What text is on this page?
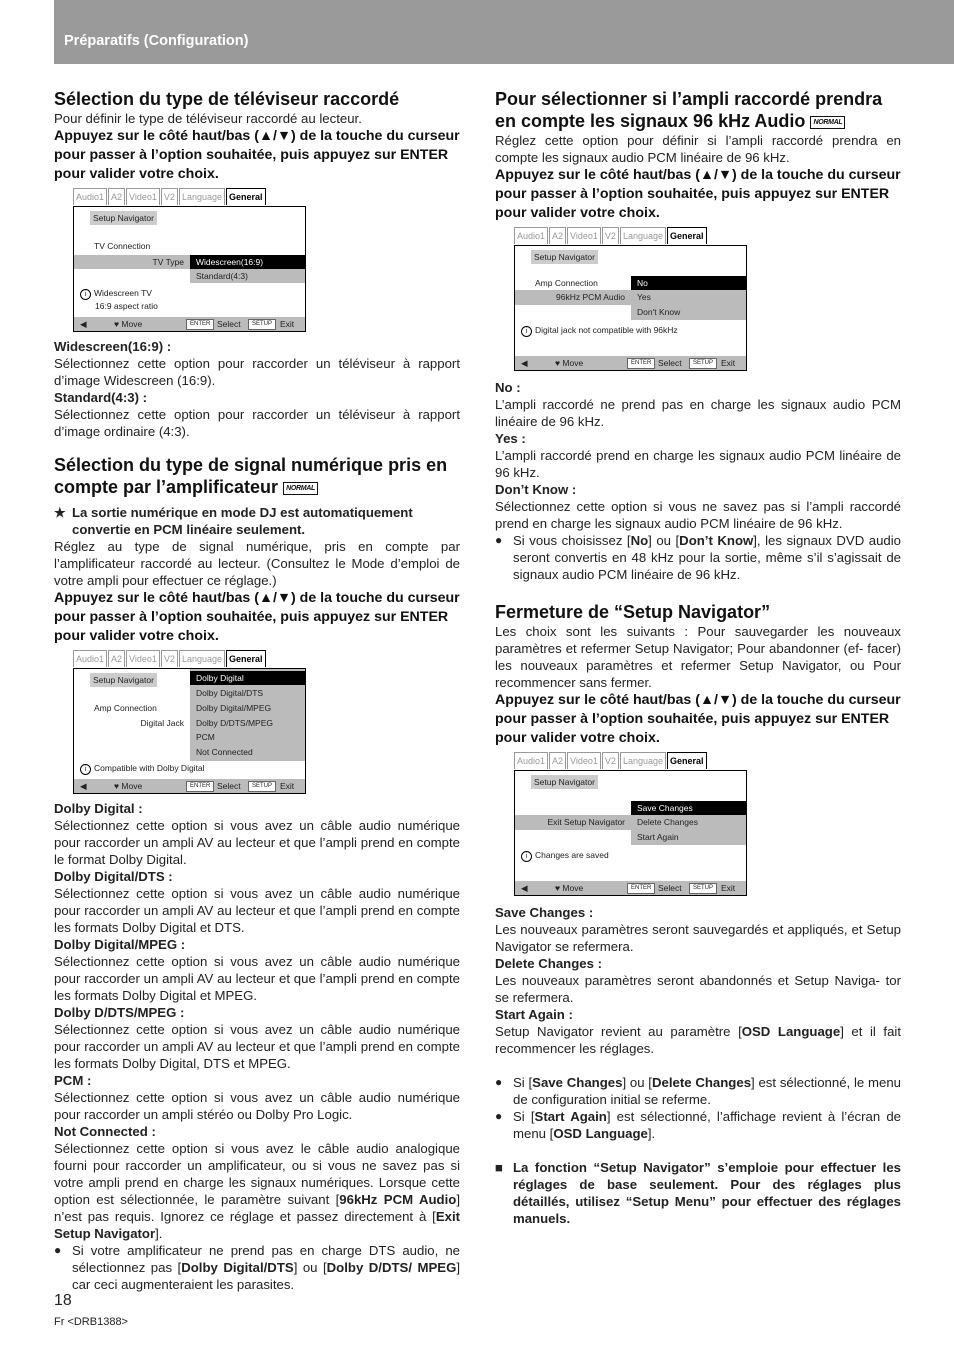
Préparatifs (Configuration)
Sélection du type de téléviseur raccordé

Pour définir le type de téléviseur raccordé au lecteur.

Appuyez sur le côté haut/bas (▲/▼) de la touche du curseur pour passer à l’option souhaitée, puis appuyez sur ENTER pour valider votre choix.

Audio1 A2 Video1 V2 Language General
Setup Navigator
TV Connection
TV Type	Widescreen(16:9)
Standard(4:3)
i Widescreen TV
16:9 aspect ratio
◀	♥ Move	ENTER Select	SETUP Exit

Widescreen(16:9) :

Sélectionnez cette option pour raccorder un téléviseur à rapport d’image Widescreen (16:9).

Standard(4:3) :

Sélectionnez cette option pour raccorder un téléviseur à rapport d’image ordinaire (4:3).

Sélection du type de signal numérique pris en compte par l’amplificateur NORMAL

★ La sortie numérique en mode DJ est automatiquement convertie en PCM linéaire seulement.

Réglez au type de signal numérique, pris en compte par l’amplificateur raccordé au lecteur. (Consultez le Mode d’emploi de votre ampli pour effectuer ce réglage.)

Appuyez sur le côté haut/bas (▲/▼) de la touche du curseur pour passer à l’option souhaitée, puis appuyez sur ENTER pour valider votre choix.

Audio1 A2 Video1 V2 Language General
Setup Navigator
Amp Connection
Digital Jack
Dolby Digital
Dolby Digital/DTS
Dolby Digital/MPEG
Dolby D/DTS/MPEG
PCM
Not Connected
i Compatible with Dolby Digital
◀	♥ Move	ENTER Select	SETUP Exit

Dolby Digital :

Sélectionnez cette option si vous avez un câble audio numérique pour raccorder un ampli AV au lecteur et que l’ampli prend en compte le format Dolby Digital.

Dolby Digital/DTS :

Sélectionnez cette option si vous avez un câble audio numérique pour raccorder un ampli AV au lecteur et que l’ampli prend en compte les formats Dolby Digital et DTS.

Dolby Digital/MPEG :

Sélectionnez cette option si vous avez un câble audio numérique pour raccorder un ampli AV au lecteur et que l’ampli prend en compte les formats Dolby Digital et MPEG.

Dolby D/DTS/MPEG :

Sélectionnez cette option si vous avez un câble audio numérique pour raccorder un ampli AV au lecteur et que l’ampli prend en compte les formats Dolby Digital, DTS et MPEG.

PCM :

Sélectionnez cette option si vous avez un câble audio numérique pour raccorder un ampli stéréo ou Dolby Pro Logic.

Not Connected :

Sélectionnez cette option si vous avez le câble audio analogique fourni pour raccorder un amplificateur, ou si vous ne savez pas si votre ampli prend en charge les signaux numériques. Lorsque cette option est sélectionnée, le paramètre suivant [96kHz PCM Audio] n’est pas requis. Ignorez ce réglage et passez directement à [Exit Setup Navigator].

● Si votre amplificateur ne prend pas en charge DTS audio, ne sélectionnez pas [Dolby Digital/DTS] ou [Dolby D/DTS/ MPEG] car ceci augmenteraient les parasites.

Pour sélectionner si l’ampli raccordé prendra en compte les signaux 96 kHz Audio NORMAL

Réglez cette option pour définir si l’ampli raccordé prendra en compte les signaux audio PCM linéaire de 96 kHz.

Appuyez sur le côté haut/bas (▲/▼) de la touche du curseur pour passer à l’option souhaitée, puis appuyez sur ENTER pour valider votre choix.

Audio1 A2 Video1 V2 Language General
Setup Navigator
Amp Connection
96kHz PCM Audio
No
Yes
Don't Know
i Digital jack not compatible with 96kHz
◀	♥ Move	ENTER Select	SETUP Exit

No :

L’ampli raccordé ne prend pas en charge les signaux audio PCM linéaire de 96 kHz.

Yes :

L’ampli raccordé prend en charge les signaux audio PCM linéaire de 96 kHz.

Don’t Know :

Sélectionnez cette option si vous ne savez pas si l’ampli raccordé prend en charge les signaux audio PCM linéaire de 96 kHz.

● Si vous choisissez [No] ou [Don’t Know], les signaux DVD audio seront convertis en 48 kHz pour la sortie, même s’il s’agissait de signaux audio PCM linéaire de 96 kHz.

Fermeture de “Setup Navigator”

Les choix sont les suivants : Pour sauvegarder les nouveaux paramètres et refermer Setup Navigator; Pour abandonner (ef- facer) les nouveaux paramètres et refermer Setup Navigator, ou Pour recommencer sans fermer.

Appuyez sur le côté haut/bas (▲/▼) de la touche du curseur pour passer à l’option souhaitée, puis appuyez sur ENTER pour valider votre choix.

Audio1 A2 Video1 V2 Language General
Setup Navigator
Exit Setup Navigator
Save Changes
Delete Changes
Start Again
i Changes are saved
◀	♥ Move	ENTER Select	SETUP Exit

Save Changes :

Les nouveaux paramètres seront sauvegardés et appliqués, et Setup Navigator se refermera.

Delete Changes :

Les nouveaux paramètres seront abandonnés et Setup Naviga- tor se refermera.

Start Again :

Setup Navigator revient au paramètre [OSD Language] et il fait recommencer les réglages.

● Si [Save Changes] ou [Delete Changes] est sélectionné, le menu de configuration initial se referme.

● Si [Start Again] est sélectionné, l’affichage revient à l’écran de menu [OSD Language].

■ La fonction “Setup Navigator” s’emploie pour effectuer les réglages de base seulement. Pour des réglages plus détaillés, utilisez “Setup Menu” pour effectuer des réglages manuels.

18
Fr <DRB1388>
